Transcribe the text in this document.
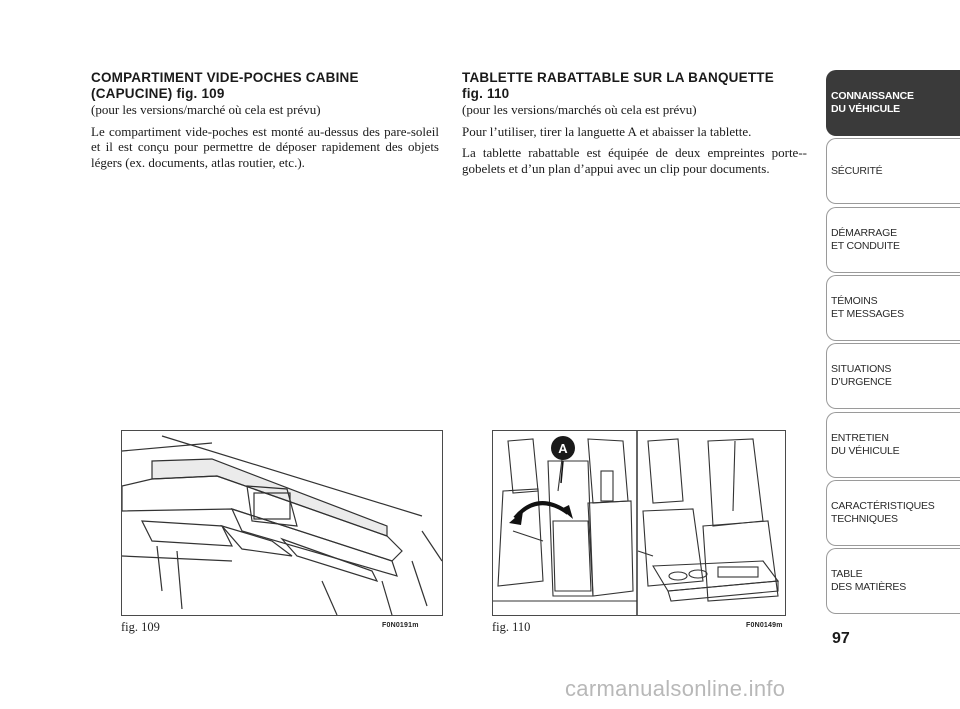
COMPARTIMENT VIDE-POCHES CABINE

(CAPUCINE) fig. 109

(pour les versions/marché où cela est prévu)

Le compartiment vide-poches est monté au-dessus des pare-soleil et il est conçu pour permettre de déposer rapidement des objets légers (ex. documents, atlas routier, etc.).

TABLETTE RABATTABLE SUR LA BANQUETTE

fig. 110

(pour les versions/marchés où cela est prévu)

Pour l’utiliser, tirer la languette A et abaisser la tablette.

La tablette rabattable est équipée de deux empreintes porte--gobelets et d’un plan d’appui avec un clip pour documents.

fig. 109	F0N0191m
A
fig. 110	F0N0149m
CONNAISSANCE
DU VÉHICULE
SÉCURITÉ
DÉMARRAGE
ET CONDUITE
TÉMOINS
ET MESSAGES
SITUATIONS
D’URGENCE
ENTRETIEN
DU VÉHICULE
CARACTÉRISTIQUES
TECHNIQUES
TABLE
DES MATIÈRES
97
carmanualsonline.info
